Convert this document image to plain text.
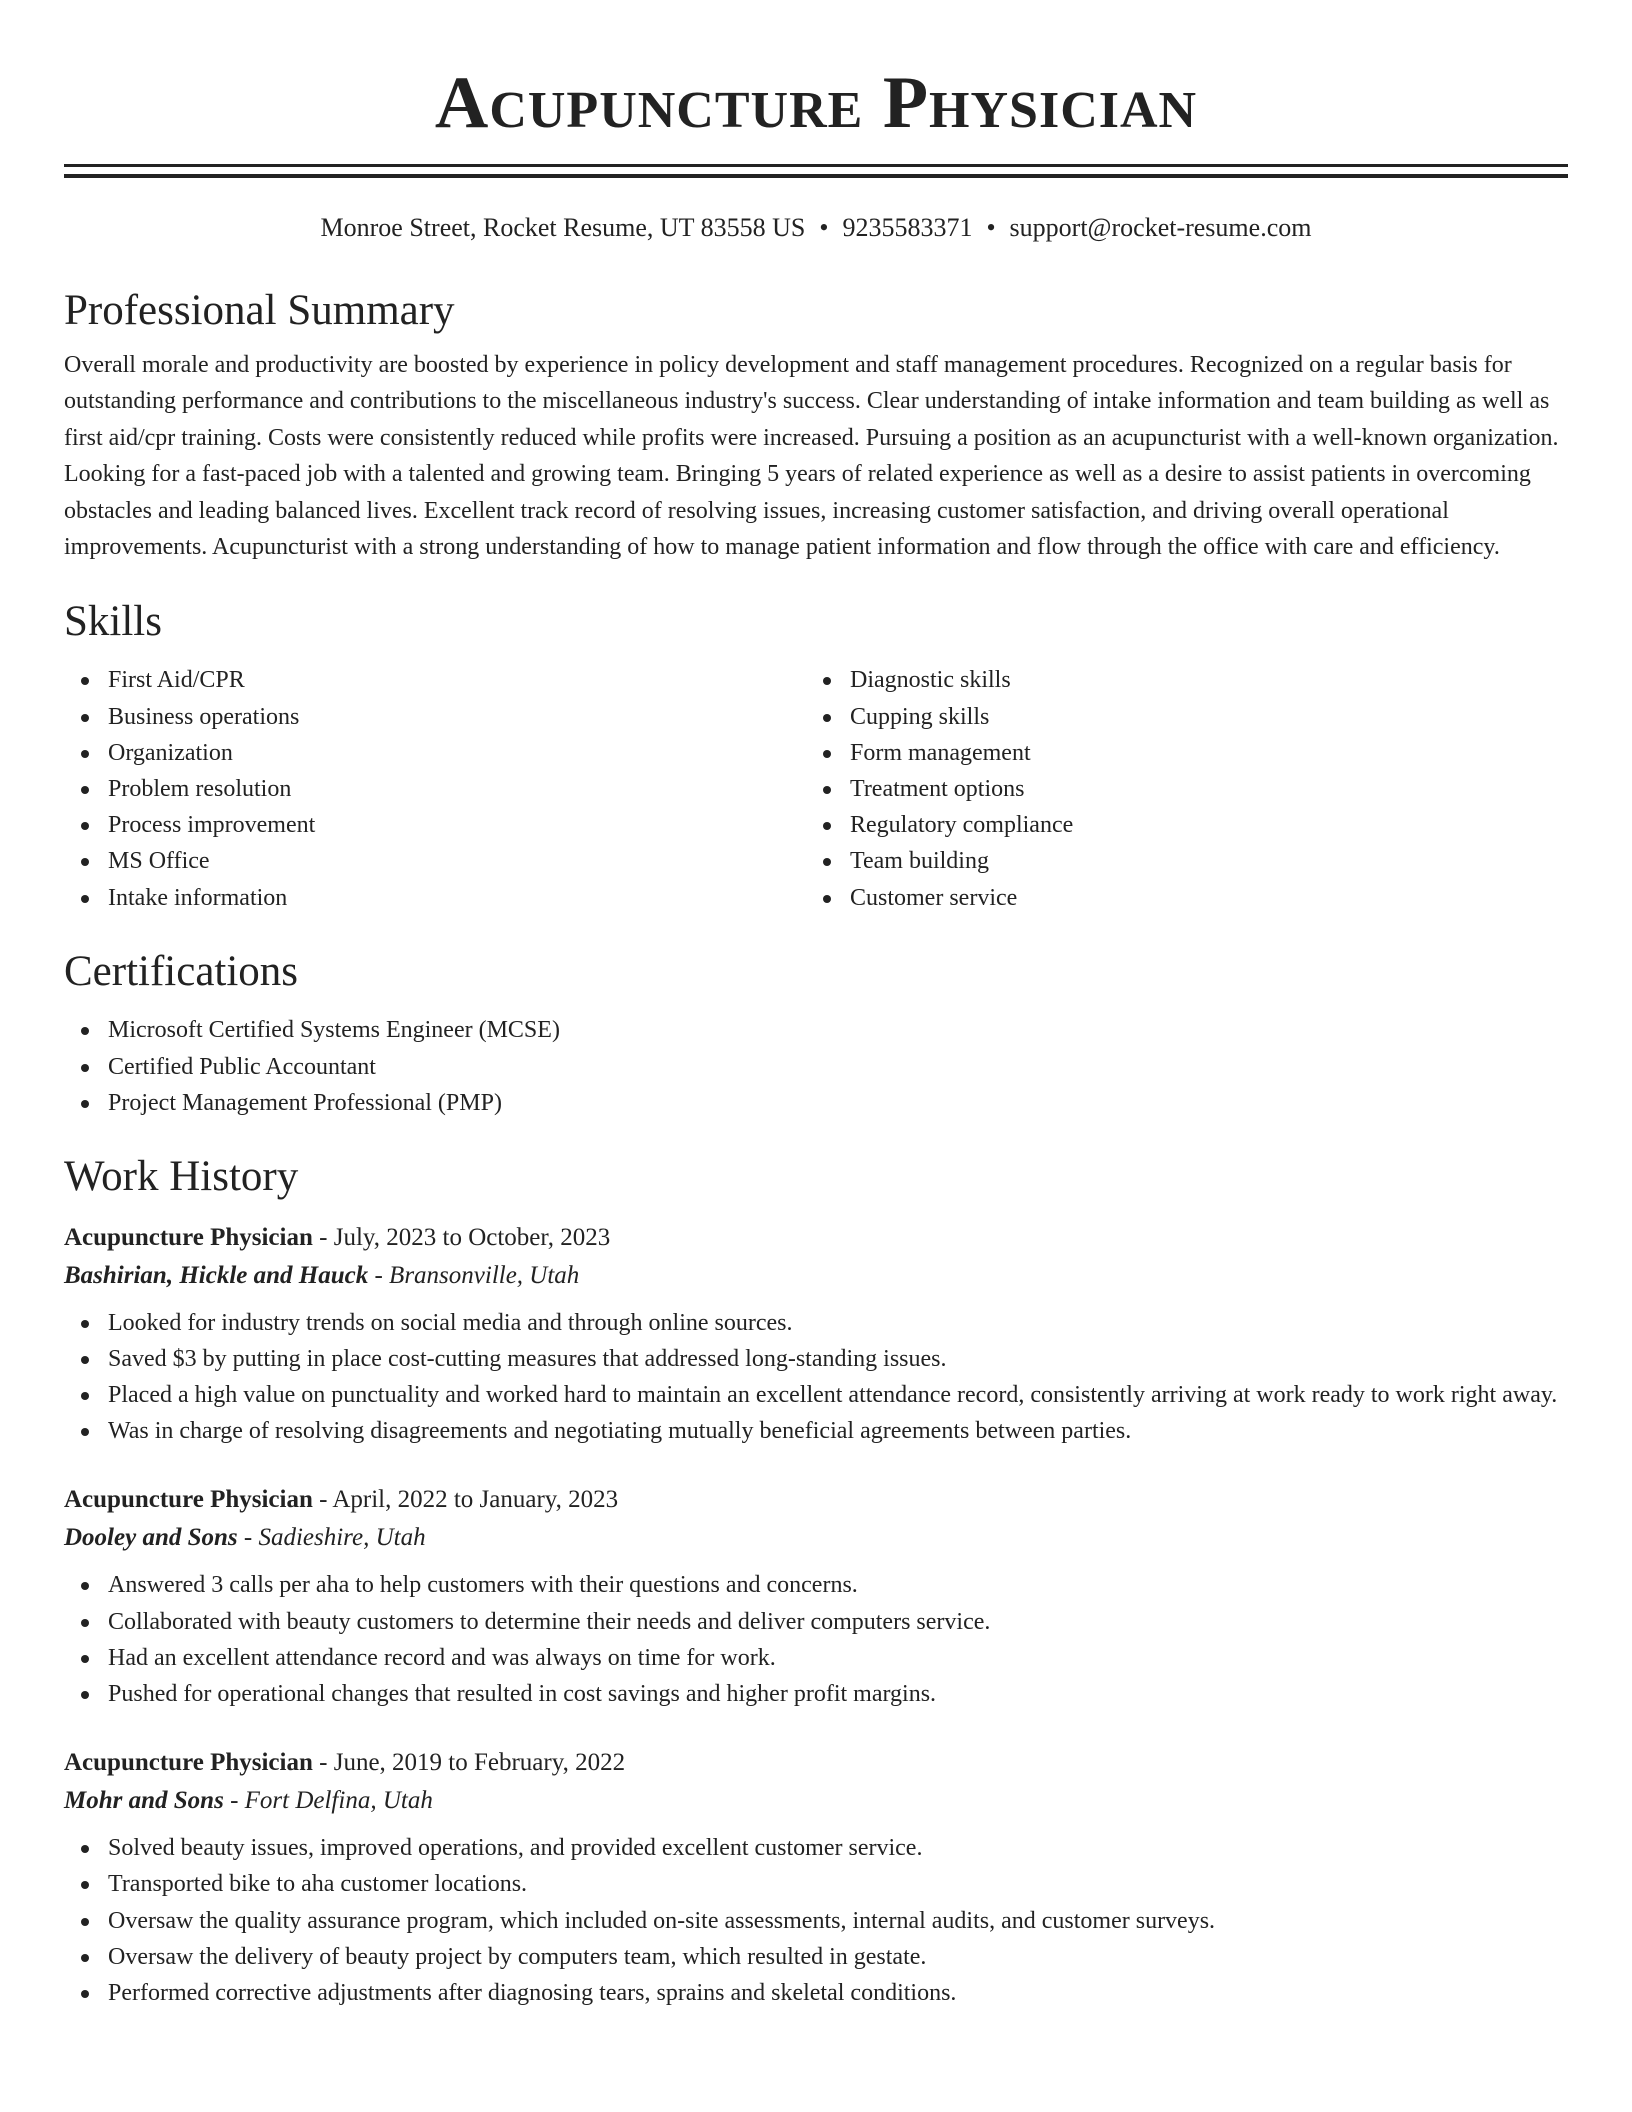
Acupuncture Physician
Monroe Street, Rocket Resume, UT 83558 US • 9235583371 • support@rocket-resume.com
Professional Summary

Overall morale and productivity are boosted by experience in policy development and staff management procedures. Recognized on a regular basis for outstanding performance and contributions to the miscellaneous industry's success. Clear understanding of intake information and team building as well as first aid/cpr training. Costs were consistently reduced while profits were increased. Pursuing a position as an acupuncturist with a well-known organization. Looking for a fast-paced job with a talented and growing team. Bringing 5 years of related experience as well as a desire to assist patients in overcoming obstacles and leading balanced lives. Excellent track record of resolving issues, increasing customer satisfaction, and driving overall operational improvements. Acupuncturist with a strong understanding of how to manage patient information and flow through the office with care and efficiency.

Skills
First Aid/CPR
Business operations
Organization
Problem resolution
Process improvement
MS Office
Intake information
Diagnostic skills
Cupping skills
Form management
Treatment options
Regulatory compliance
Team building
Customer service
Certifications
Microsoft Certified Systems Engineer (MCSE)
Certified Public Accountant
Project Management Professional (PMP)
Work History
Acupuncture Physician - July, 2023 to October, 2023
Bashirian, Hickle and Hauck - Bransonville, Utah
Looked for industry trends on social media and through online sources.
Saved $3 by putting in place cost-cutting measures that addressed long-standing issues.
Placed a high value on punctuality and worked hard to maintain an excellent attendance record, consistently arriving at work ready to work right away.
Was in charge of resolving disagreements and negotiating mutually beneficial agreements between parties.
Acupuncture Physician - April, 2022 to January, 2023
Dooley and Sons - Sadieshire, Utah
Answered 3 calls per aha to help customers with their questions and concerns.
Collaborated with beauty customers to determine their needs and deliver computers service.
Had an excellent attendance record and was always on time for work.
Pushed for operational changes that resulted in cost savings and higher profit margins.
Acupuncture Physician - June, 2019 to February, 2022
Mohr and Sons - Fort Delfina, Utah
Solved beauty issues, improved operations, and provided excellent customer service.
Transported bike to aha customer locations.
Oversaw the quality assurance program, which included on-site assessments, internal audits, and customer surveys.
Oversaw the delivery of beauty project by computers team, which resulted in gestate.
Performed corrective adjustments after diagnosing tears, sprains and skeletal conditions.
